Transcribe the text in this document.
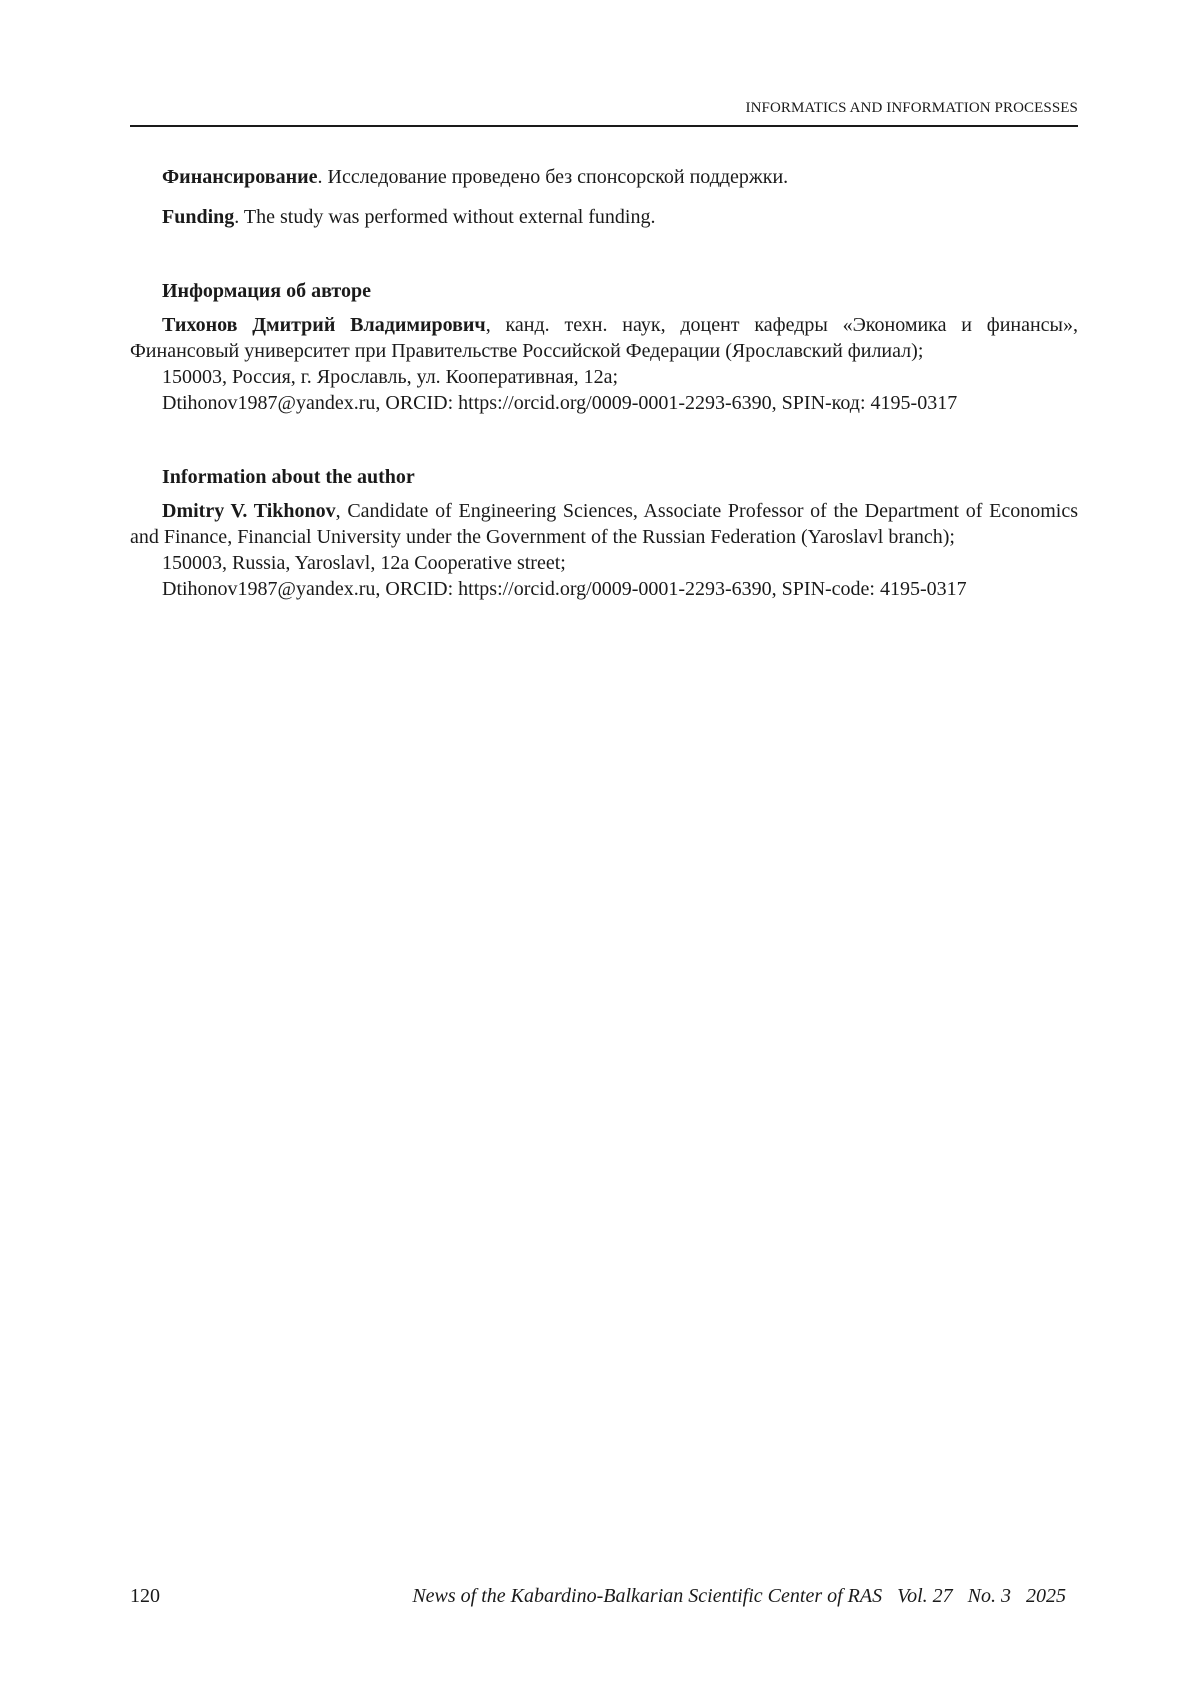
INFORMATICS AND INFORMATION PROCESSES

Финансирование. Исследование проведено без спонсорской поддержки.

Funding. The study was performed without external funding.

Информация об авторе

Тихонов Дмитрий Владимирович, канд. техн. наук, доцент кафедры «Экономика и финансы», Финансовый университет при Правительстве Российской Федерации (Ярославский филиал);

150003, Россия, г. Ярославль, ул. Кооперативная, 12а;

Dtihonov1987@yandex.ru, ORCID: https://orcid.org/0009-0001-2293-6390, SPIN-код: 4195-0317

Information about the author

Dmitry V. Tikhonov, Candidate of Engineering Sciences, Associate Professor of the Department of Economics and Finance, Financial University under the Government of the Russian Federation (Yaroslavl branch);

150003, Russia, Yaroslavl, 12a Cooperative street;

Dtihonov1987@yandex.ru, ORCID: https://orcid.org/0009-0001-2293-6390, SPIN-code: 4195-0317

120	News of the Kabardino-Balkarian Scientific Center of RAS   Vol. 27   No. 3   2025
